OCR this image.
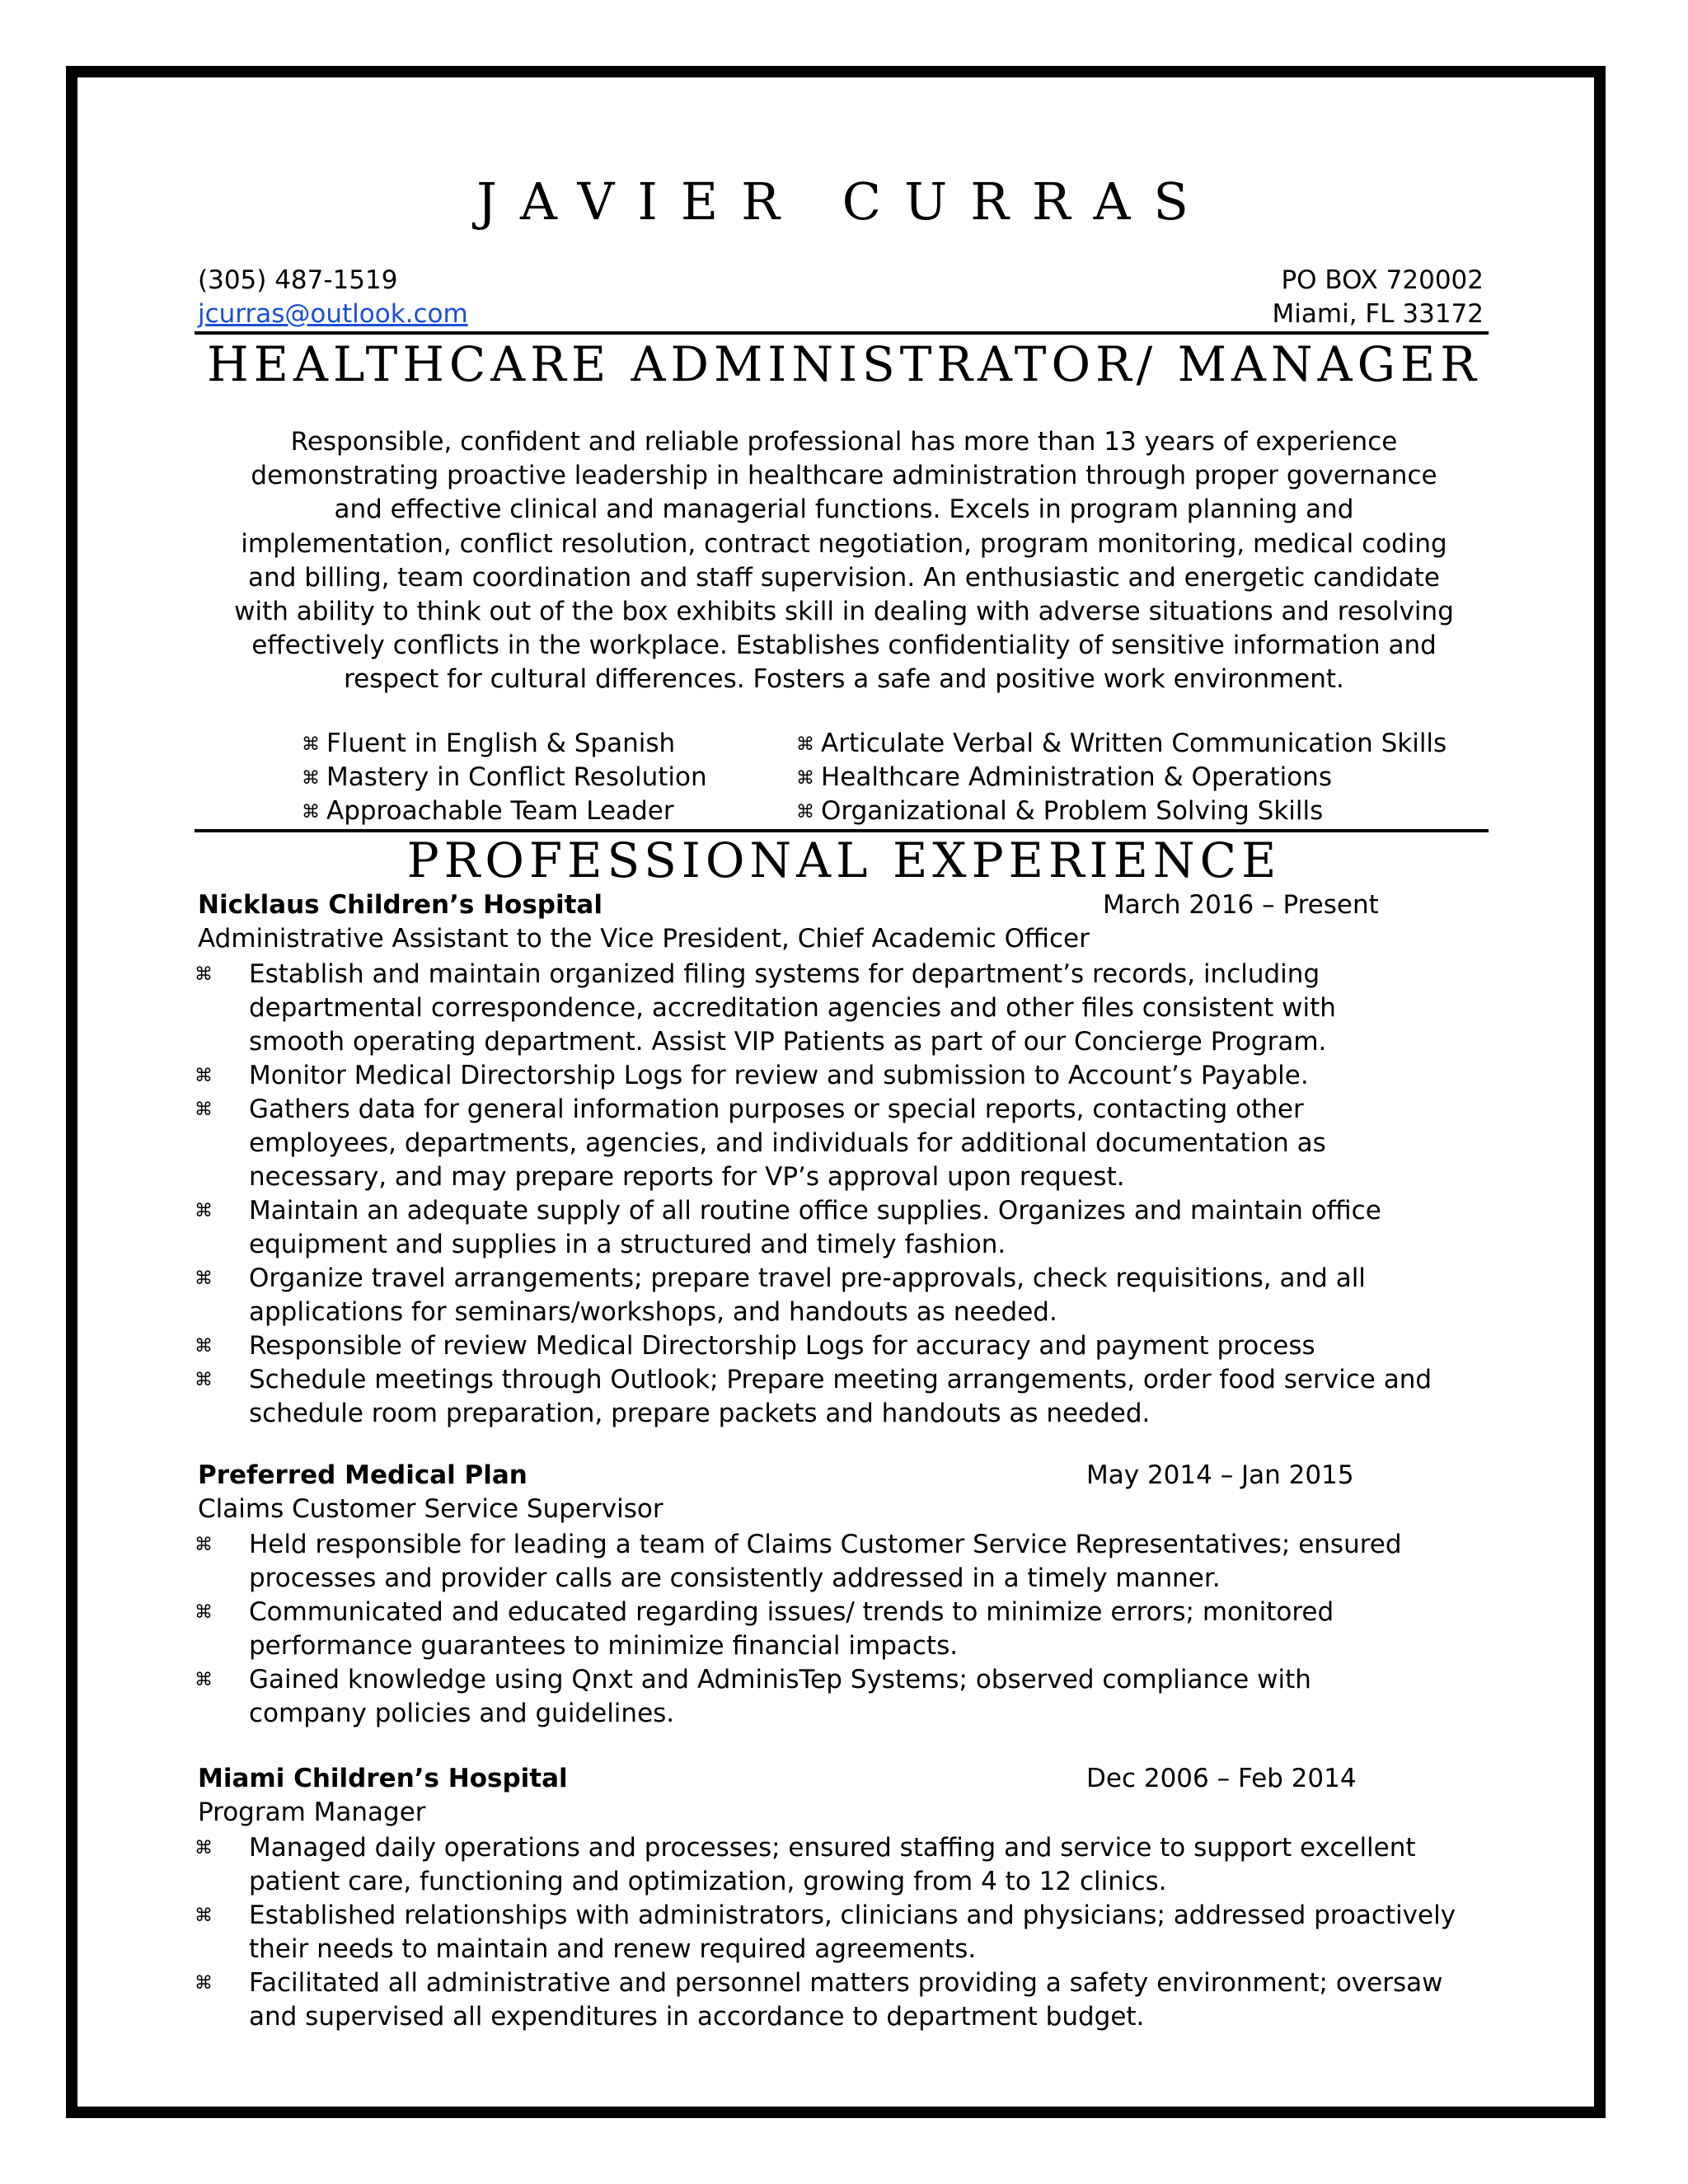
JAVIER CURRAS
(305) 487-1519
jcurras@outlook.com
PO BOX 720002
Miami, FL 33172
HEALTHCARE ADMINISTRATOR/ MANAGER
Responsible, confident and reliable professional has more than 13 years of experience
demonstrating proactive leadership in healthcare administration through proper governance
and effective clinical and managerial functions. Excels in program planning and
implementation, conflict resolution, contract negotiation, program monitoring, medical coding
and billing, team coordination and staff supervision. An enthusiastic and energetic candidate
with ability to think out of the box exhibits skill in dealing with adverse situations and resolving
effectively conflicts in the workplace. Establishes confidentiality of sensitive information and
respect for cultural differences. Fosters a safe and positive work environment.
⌘ Fluent in English & Spanish
⌘ Mastery in Conflict Resolution
⌘ Approachable Team Leader
⌘ Articulate Verbal & Written Communication Skills
⌘ Healthcare Administration & Operations
⌘ Organizational & Problem Solving Skills
PROFESSIONAL EXPERIENCE
Nicklaus Children’s Hospital	March 2016 – Present
Administrative Assistant to the Vice President, Chief Academic Officer
⌘ Establish and maintain organized filing systems for department’s records, including
departmental correspondence, accreditation agencies and other files consistent with
smooth operating department. Assist VIP Patients as part of our Concierge Program.
⌘ Monitor Medical Directorship Logs for review and submission to Account’s Payable.
⌘ Gathers data for general information purposes or special reports, contacting other
employees, departments, agencies, and individuals for additional documentation as
necessary, and may prepare reports for VP’s approval upon request.
⌘ Maintain an adequate supply of all routine office supplies. Organizes and maintain office
equipment and supplies in a structured and timely fashion.
⌘ Organize travel arrangements; prepare travel pre-approvals, check requisitions, and all
applications for seminars/workshops, and handouts as needed.
⌘ Responsible of review Medical Directorship Logs for accuracy and payment process
⌘ Schedule meetings through Outlook; Prepare meeting arrangements, order food service and
schedule room preparation, prepare packets and handouts as needed.
Preferred Medical Plan	May 2014 – Jan 2015
Claims Customer Service Supervisor
⌘ Held responsible for leading a team of Claims Customer Service Representatives; ensured
processes and provider calls are consistently addressed in a timely manner.
⌘ Communicated and educated regarding issues/ trends to minimize errors; monitored
performance guarantees to minimize financial impacts.
⌘ Gained knowledge using Qnxt and AdminisTep Systems; observed compliance with
company policies and guidelines.
Miami Children’s Hospital	Dec 2006 – Feb 2014
Program Manager
⌘ Managed daily operations and processes; ensured staffing and service to support excellent
patient care, functioning and optimization, growing from 4 to 12 clinics.
⌘ Established relationships with administrators, clinicians and physicians; addressed proactively
their needs to maintain and renew required agreements.
⌘ Facilitated all administrative and personnel matters providing a safety environment; oversaw
and supervised all expenditures in accordance to department budget.
